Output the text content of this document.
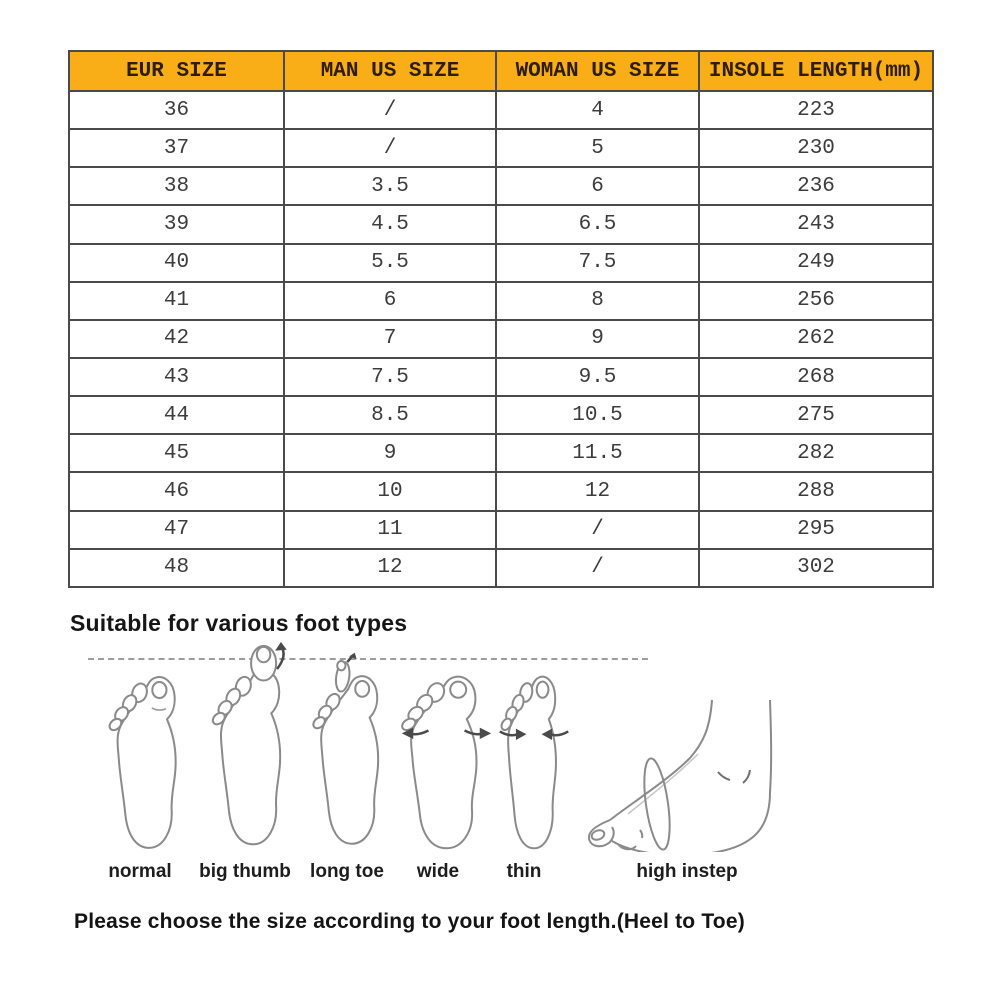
EUR SIZE	MAN US SIZE	WOMAN US SIZE	INSOLE LENGTH(mm)
36	/	4	223
37	/	5	230
38	3.5	6	236
39	4.5	6.5	243
40	5.5	7.5	249
41	6	8	256
42	7	9	262
43	7.5	9.5	268
44	8.5	10.5	275
45	9	11.5	282
46	10	12	288
47	11	/	295
48	12	/	302
Suitable for various foot types
normal big thumb long toe wide thin	high instep

Please choose the size according to your foot length.(Heel to Toe)
